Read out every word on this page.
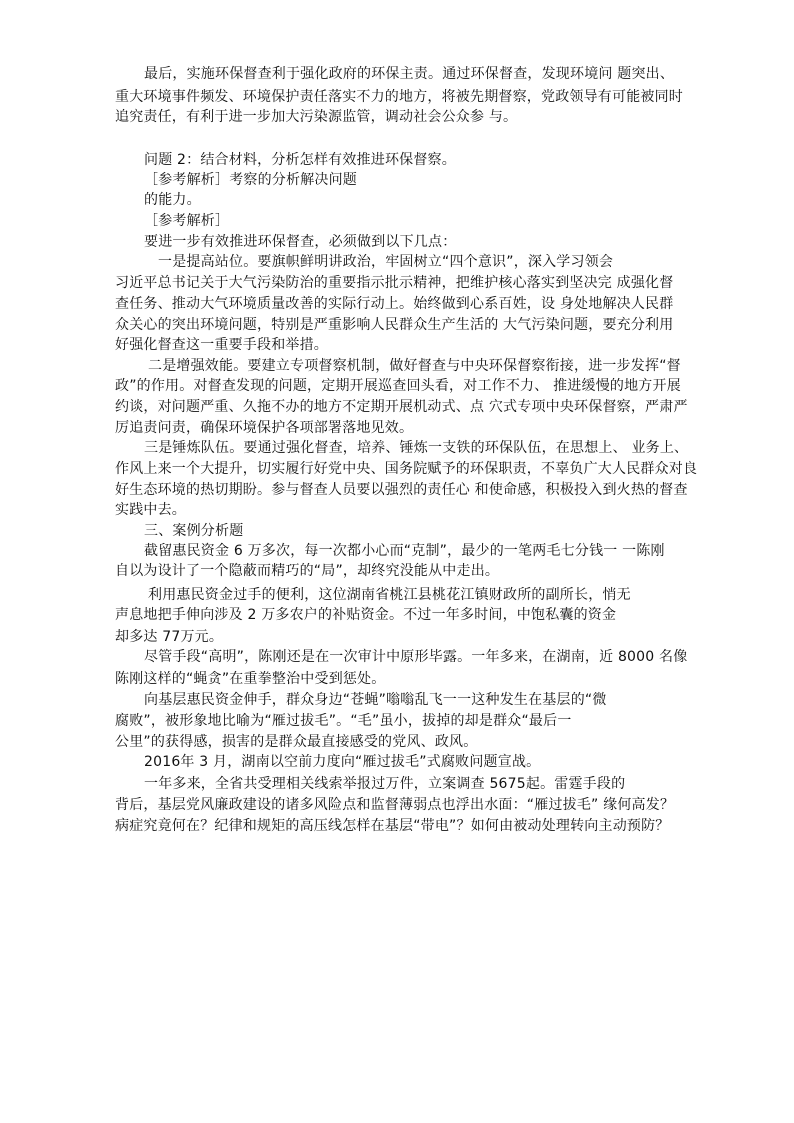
最后，实施环保督查利于强化政府的环保主责。通过环保督查，发现环境问 题突出、
重大环境事件频发、环境保护责任落实不力的地方，将被先期督察，党政领导有可能被同时
追究责任，有利于进一步加大污染源监管，调动社会公众参 与。
问题 2：结合材料，分析怎样有效推进环保督察。
［参考解析］考察的分析解决问题
的能力。
［参考解析］
要进一步有效推进环保督查，必须做到以下几点：
一是提高站位。要旗帜鲜明讲政治，牢固树立“四个意识”，深入学习领会
习近平总书记关于大气污染防治的重要指示批示精神，把维护核心落实到坚决完 成强化督
查任务、推动大气环境质量改善的实际行动上。始终做到心系百姓，设 身处地解决人民群
众关心的突出环境问题，特别是严重影响人民群众生产生活的 大气污染问题，要充分利用
好强化督查这一重要手段和举措。
二是增强效能。要建立专项督察机制，做好督查与中央环保督察衔接，进一步发挥“督
政”的作用。对督查发现的问题，定期开展巡查回头看，对工作不力、 推进缓慢的地方开展
约谈，对问题严重、久拖不办的地方不定期开展机动式、点 穴式专项中央环保督察，严肃严
厉追责问责，确保环境保护各项部署落地见效。
三是锤炼队伍。要通过强化督查，培养、锤炼一支铁的环保队伍，在思想上、 业务上、
作风上来一个大提升，切实履行好党中央、国务院赋予的环保职责，不辜负广大人民群众对良
好生态环境的热切期盼。参与督查人员要以强烈的责任心 和使命感，积极投入到火热的督查
实践中去。
三、案例分析题
截留惠民资金 6 万多次，每一次都小心而“克制”，最少的一笔两毛七分钱一 一陈刚
自以为设计了一个隐蔽而精巧的“局”，却终究没能从中走出。
利用惠民资金过手的便利，这位湖南省桃江县桃花江镇财政所的副所长，悄无
声息地把手伸向涉及 2 万多农户的补贴资金。不过一年多时间，中饱私囊的资金
却多达 77万元。
尽管手段“高明”，陈刚还是在一次审计中原形毕露。一年多来，在湖南，近 8000 名像
陈刚这样的“蝇贪”在重拳整治中受到惩处。
向基层惠民资金伸手，群众身边“苍蝇”嗡嗡乱飞一一这种发生在基层的“微
腐败”，被形象地比喻为“雁过拔毛”。“毛”虽小，拔掉的却是群众“最后一
公里”的获得感，损害的是群众最直接感受的党风、政风。
2016年 3 月，湖南以空前力度向“雁过拔毛”式腐败问题宣战。
一年多来，全省共受理相关线索举报过万件，立案调查 5675起。雷霆手段的
背后，基层党风廉政建设的诸多风险点和监督薄弱点也浮出水面：“雁过拔毛” 缘何高发？
病症究竟何在？纪律和规矩的高压线怎样在基层“带电”？如何由被动处理转向主动预防？
